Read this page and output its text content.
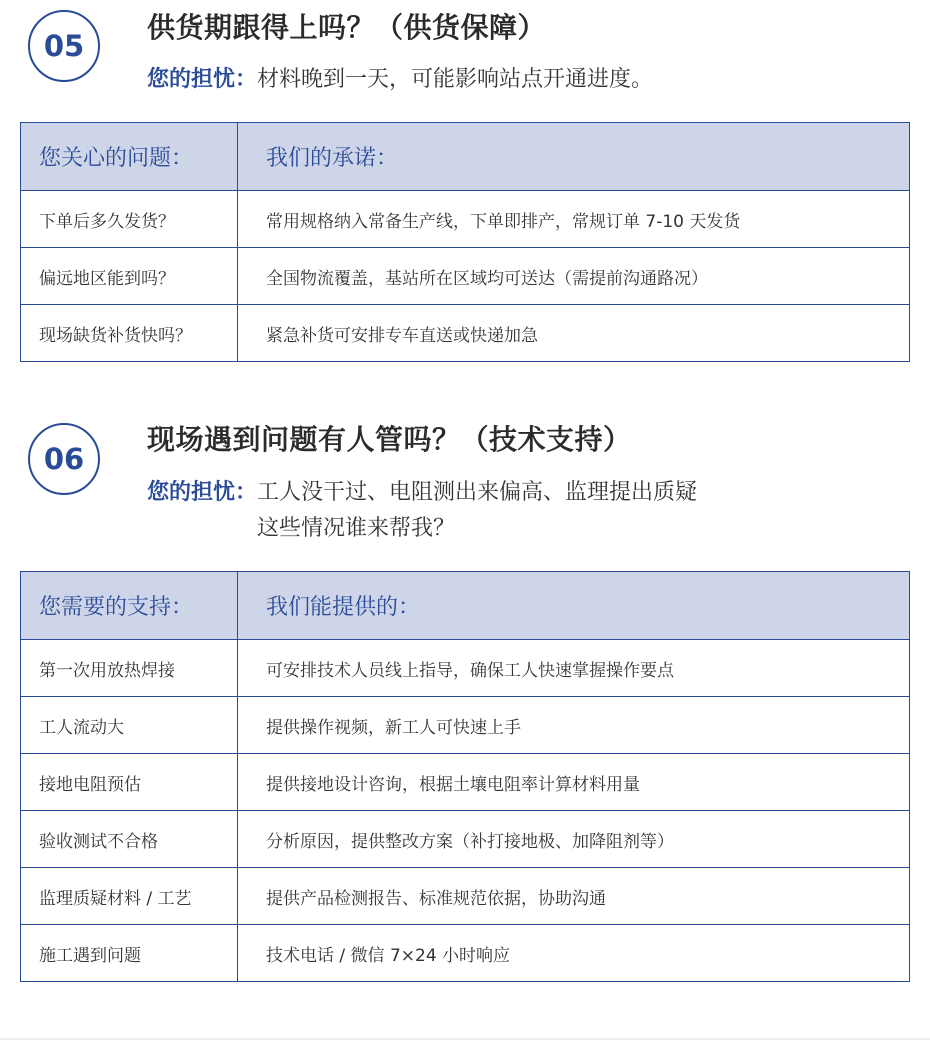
05
供货期跟得上吗？（供货保障）
您的担忧： 材料晚到一天，可能影响站点开通进度。
您关心的问题：	我们的承诺：
下单后多久发货？	常用规格纳入常备生产线，下单即排产，常规订单 7-10 天发货
偏远地区能到吗？	全国物流覆盖，基站所在区域均可送达（需提前沟通路况）
现场缺货补货快吗？	紧急补货可安排专车直送或快递加急
06
现场遇到问题有人管吗？（技术支持）
您的担忧： 工人没干过、电阻测出来偏高、监理提出质疑
这些情况谁来帮我？
您需要的支持：	我们能提供的：
第一次用放热焊接	可安排技术人员线上指导，确保工人快速掌握操作要点
工人流动大	提供操作视频，新工人可快速上手
接地电阻预估	提供接地设计咨询，根据土壤电阻率计算材料用量
验收测试不合格	分析原因，提供整改方案（补打接地极、加降阻剂等）
监理质疑材料 / 工艺	提供产品检测报告、标准规范依据，协助沟通
施工遇到问题	技术电话 / 微信 7×24 小时响应
